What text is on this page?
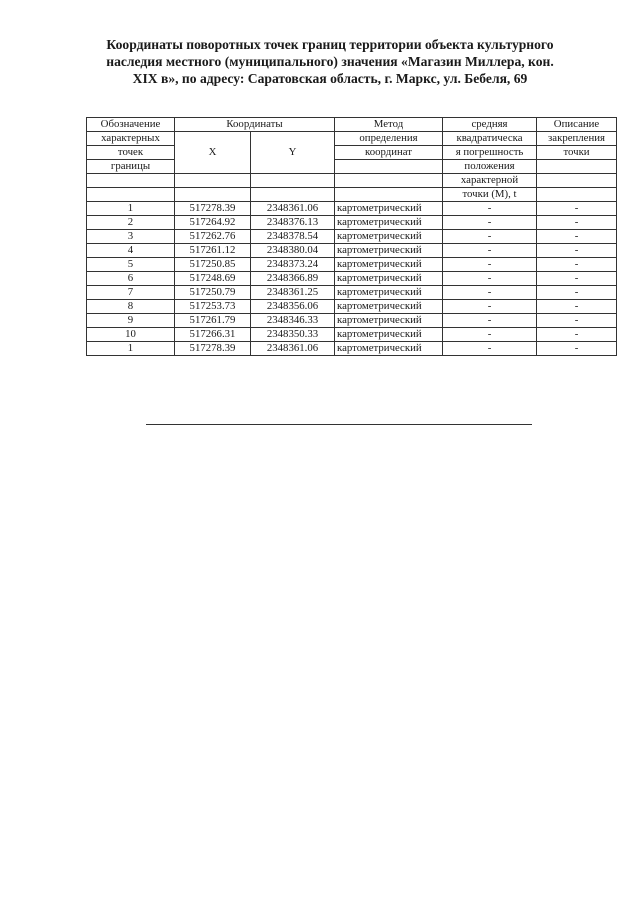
Координаты поворотных точек границ территории объекта культурного
наследия местного (муниципального) значения «Магазин Миллера, кон.
XIX в», по адресу: Саратовская область, г. Маркс, ул. Бебеля, 69
Обозначение	Координаты		Метод	средняя	Описание
характерных	X	Y	определения	квадратическа	закрепления
точек			координат	я погрешность	точки
границы				положения	
				характерной	
				точки (М), t	
1	517278.39	2348361.06	картометрический	-	-
2	517264.92	2348376.13	картометрический	-	-
3	517262.76	2348378.54	картометрический	-	-
4	517261.12	2348380.04	картометрический	-	-
5	517250.85	2348373.24	картометрический	-	-
6	517248.69	2348366.89	картометрический	-	-
7	517250.79	2348361.25	картометрический	-	-
8	517253.73	2348356.06	картометрический	-	-
9	517261.79	2348346.33	картометрический	-	-
10	517266.31	2348350.33	картометрический	-	-
1	517278.39	2348361.06	картометрический	-	-
